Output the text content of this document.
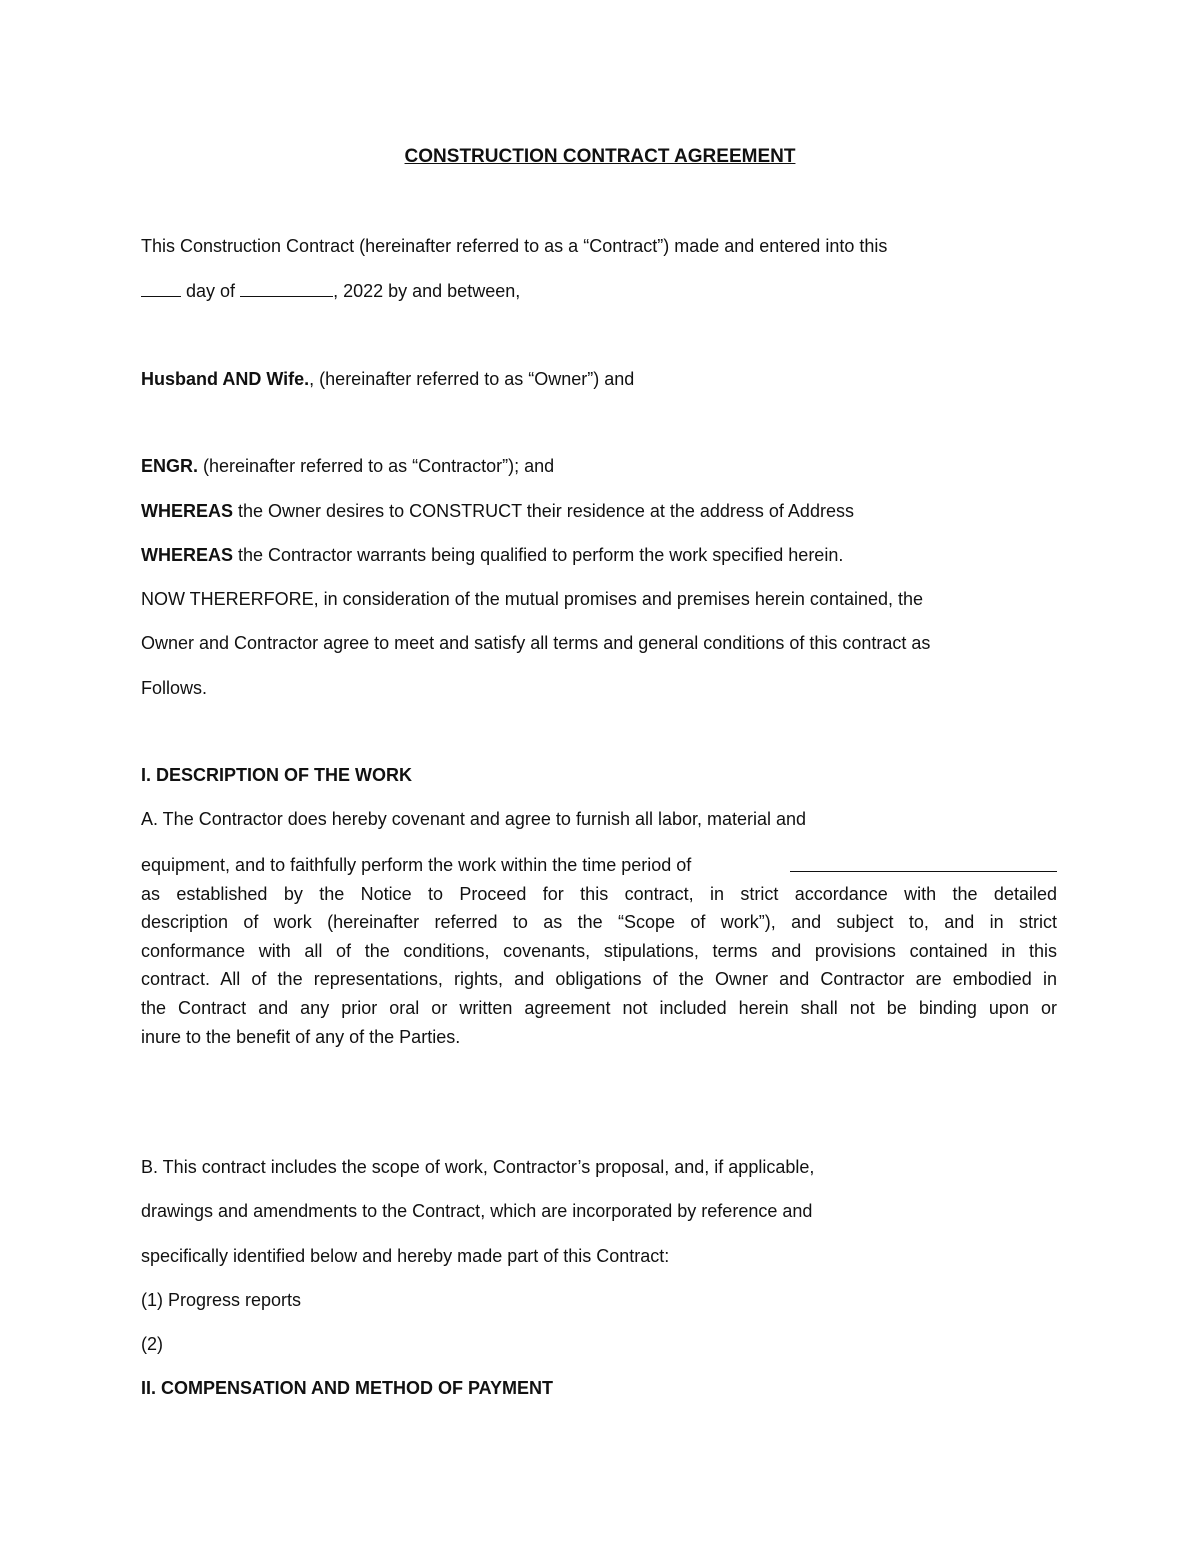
CONSTRUCTION CONTRACT AGREEMENT
This Construction Contract (hereinafter referred to as a “Contract”) made and entered into this
day of	, 2022 by and between,
Husband AND Wife., (hereinafter referred to as “Owner”) and
ENGR. (hereinafter referred to as “Contractor”); and
WHEREAS the Owner desires to CONSTRUCT their residence at the address of Address
WHEREAS the Contractor warrants being qualified to perform the work specified herein.
NOW THERERFORE, in consideration of the mutual promises and premises herein contained, the
Owner and Contractor agree to meet and satisfy all terms and general conditions of this contract as
Follows.
I. DESCRIPTION OF THE WORK
A. The Contractor does hereby covenant and agree to furnish all labor, material and
equipment, and to faithfully perform the work within the time period of
as established by the Notice to Proceed for this contract, in strict accordance with the detailed
description of work (hereinafter referred to as the “Scope of work”), and subject to, and in strict
conformance with all of the conditions, covenants, stipulations, terms and provisions contained in this
contract. All of the representations, rights, and obligations of the Owner and Contractor are embodied in
the Contract and any prior oral or written agreement not included herein shall not be binding upon or
inure to the benefit of any of the Parties.
B. This contract includes the scope of work, Contractor’s proposal, and, if applicable,
drawings and amendments to the Contract, which are incorporated by reference and
specifically identified below and hereby made part of this Contract:
(1) Progress reports
(2)
II. COMPENSATION AND METHOD OF PAYMENT
